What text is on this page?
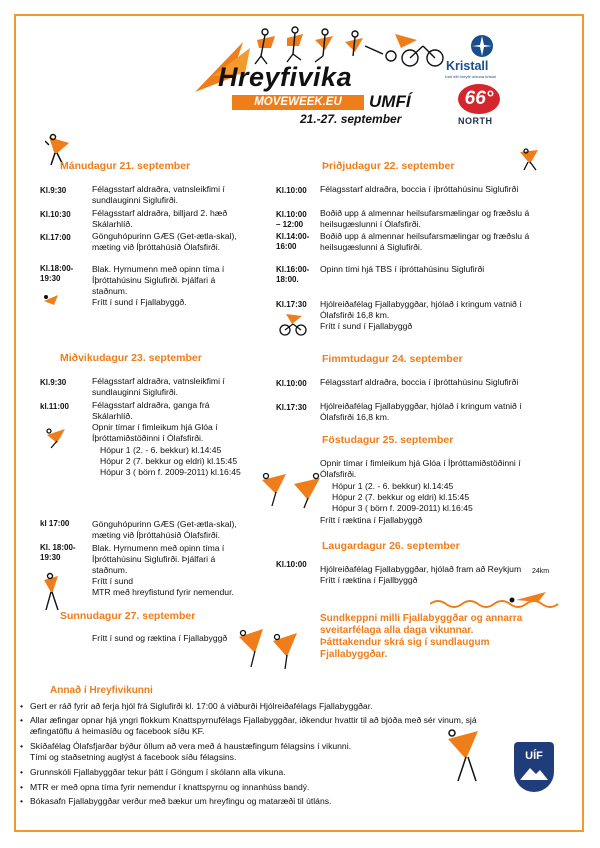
Hreyfivika
MOVEWEEK.EU	UMFÍ
21.-27. september
Kristall
Það eitt hreyfir orkuna kristal
66°
NORTH
Mánudagur 21. september
Kl.9:30	Félagsstarf aldraðra, vatnsleikfimi í
sundlauginni Siglufirði.
Kl.10:30 Félagsstarf aldraðra, billjard 2. hæð
Skálarhlíð.
Kl.17:00 Gönguhópurinn GÆS (Get-ætla-skal),
mæting við Íþróttahúsið Ólafsfirði.
Kl.18:00-
19:30
Blak. Hyrnumenn með opinn tíma í
Íþróttahúsinu Siglufirði. Þjálfari á
staðnum.
Frítt í sund í Fjallabyggð.
Þriðjudagur 22. september
Kl.10:00 Félagsstarf aldraðra, boccia í íþróttahúsinu Siglufirði
Kl.10:00
– 12:00
Boðið upp á almennar heilsufarsmælingar og fræðslu á
heilsugæslunni í Ólafsfirði.
Kl.14:00-
16:00
Boðið upp á almennar heilsufarsmælingar og fræðslu á
heilsugæslunni á Siglufirði.
Kl.16:00-
18:00.
Opinn tími hjá TBS í íþróttahúsinu Siglufirði
Kl.17:30 Hjólreiðafélag Fjallabyggðar, hjólað í kringum vatnið í
Ólafsfirði 16,8 km.
Frítt í sund í Fjallabyggð
Miðvikudagur 23. september
Kl.9:30	Félagsstarf aldraðra, vatnsleikfimi í
sundlauginni Siglufirði.
kl.11:00	Félagsstarf aldraðra, ganga frá
Skálarhlíð.
Opnir tímar í fimleikum hjá Glóa í
Íþróttamiðstöðinni í Ólafsfirði.
Hópur 1 (2. - 6. bekkur) kl.14:45
Hópur 2 (7. bekkur og eldri) kl.15:45
Hópur 3 ( börn f. 2009-2011) kl.16:45
kl 17:00	Gönguhópurinn GÆS (Get-ætla-skal),
mæting við Íþróttahúsið Ólafsfirði.
Kl. 18:00-
19:30
Blak. Hyrnumenn með opinn tíma í
Íþróttahúsinu Siglufirði. Þjálfari á
staðnum.
Frítt í sund
MTR með hreyfistund fyrir nemendur.
Sunnudagur 27. september
Frítt í sund og ræktina í Fjallabyggð
Fimmtudagur 24. september
Kl.10:00 Félagsstarf aldraðra, boccia í íþróttahúsinu Siglufirði
Kl.17:30 Hjólreiðafélag Fjallabyggðar, hjólað í kringum vatnið í
Ólafsfirði 16,8 km.
Föstudagur 25. september
Opnir tímar í fimleikum hjá Glóa í Íþróttamiðstöðinni í
Ólafsfirði.
Hópur 1 (2. - 6. bekkur) kl.14:45
Hópur 2 (7. bekkur og eldri) kl.15:45
Hópur 3 ( börn f. 2009-2011) kl.16:45
Frítt í ræktina í Fjallabyggð
Laugardagur 26. september
Kl.10:00 Hjólreiðafélag Fjallabyggðar, hjólað fram að Reykjum 24km
Frítt í ræktina í Fjallbyggð
Sundkeppni milli Fjallabyggðar og annarra
sveitarfélaga alla daga vikunnar.
Þátttakendur skrá sig í sundlaugum
Fjallabyggðar.
Annað í Hreyfivikunni
• Gert er ráð fyrir að ferja hjól frá Siglufirði kl. 17:00 á viðburði Hjólreiðafélags Fjallabyggðar.
• Allar æfingar opnar hjá yngri flokkum Knattspyrnufélags Fjallabyggðar, iðkendur hvattir til að bjóða með sér vinum, sjá
æfingatöflu á heimasíðu og facebook síðu KF.
• Skíðafélag Ólafsfjarðar býður öllum að vera með á haustæfingum félagsins í vikunni.
Tími og staðsetning auglýst á facebook síðu félagsins.
• Grunnskóli Fjallabyggðar tekur þátt í Göngum í skólann alla vikuna.
• MTR er með opna tíma fyrir nemendur í knattspyrnu og innanhúss bandý.
• Bókasafn Fjallabyggðar verður með bækur um hreyfingu og mataræði til útláns.
UÍF
